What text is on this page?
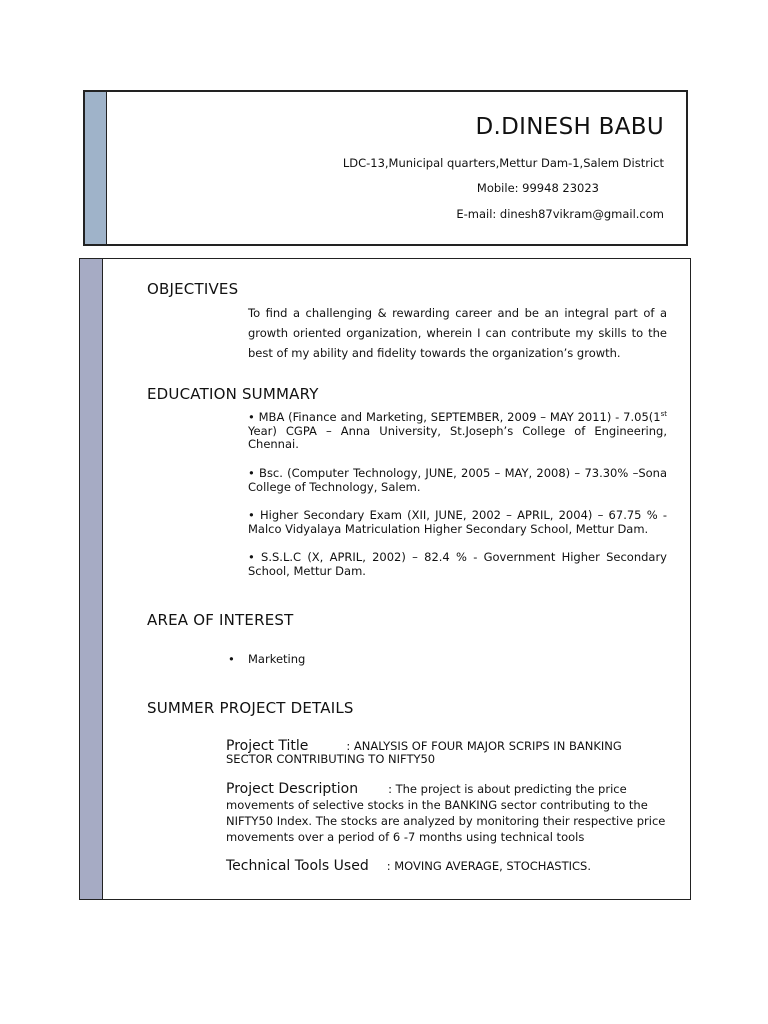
D.DINESH BABU
LDC-13,Municipal quarters,Mettur Dam-1,Salem District
Mobile: 99948 23023
E-mail: dinesh87vikram@gmail.com
OBJECTIVES
To find a challenging & rewarding career and be an integral part of a growth oriented organization, wherein I can contribute my skills to the best of my ability and fidelity towards the organization’s growth.
EDUCATION SUMMARY
• MBA (Finance and Marketing, SEPTEMBER, 2009 – MAY 2011) - 7.05(1st Year) CGPA – Anna University, St.Joseph’s College of Engineering, Chennai.
• Bsc. (Computer Technology, JUNE, 2005 – MAY, 2008) – 73.30% –Sona College of Technology, Salem.
• Higher Secondary Exam (XII, JUNE, 2002 – APRIL, 2004) – 67.75 % - Malco Vidyalaya Matriculation Higher Secondary School, Mettur Dam.
• S.S.L.C (X, APRIL, 2002) – 82.4 % - Government Higher Secondary School, Mettur Dam.
AREA OF INTEREST
• Marketing
SUMMER PROJECT DETAILS
Project Title	: ANALYSIS OF FOUR MAJOR SCRIPS IN BANKING SECTOR CONTRIBUTING TO NIFTY50
Project Description	: The project is about predicting the price movements of selective stocks in the BANKING sector contributing to the NIFTY50 Index. The stocks are analyzed by monitoring their respective price movements over a period of 6 -7 months using technical tools
Technical Tools Used : MOVING AVERAGE, STOCHASTICS.
